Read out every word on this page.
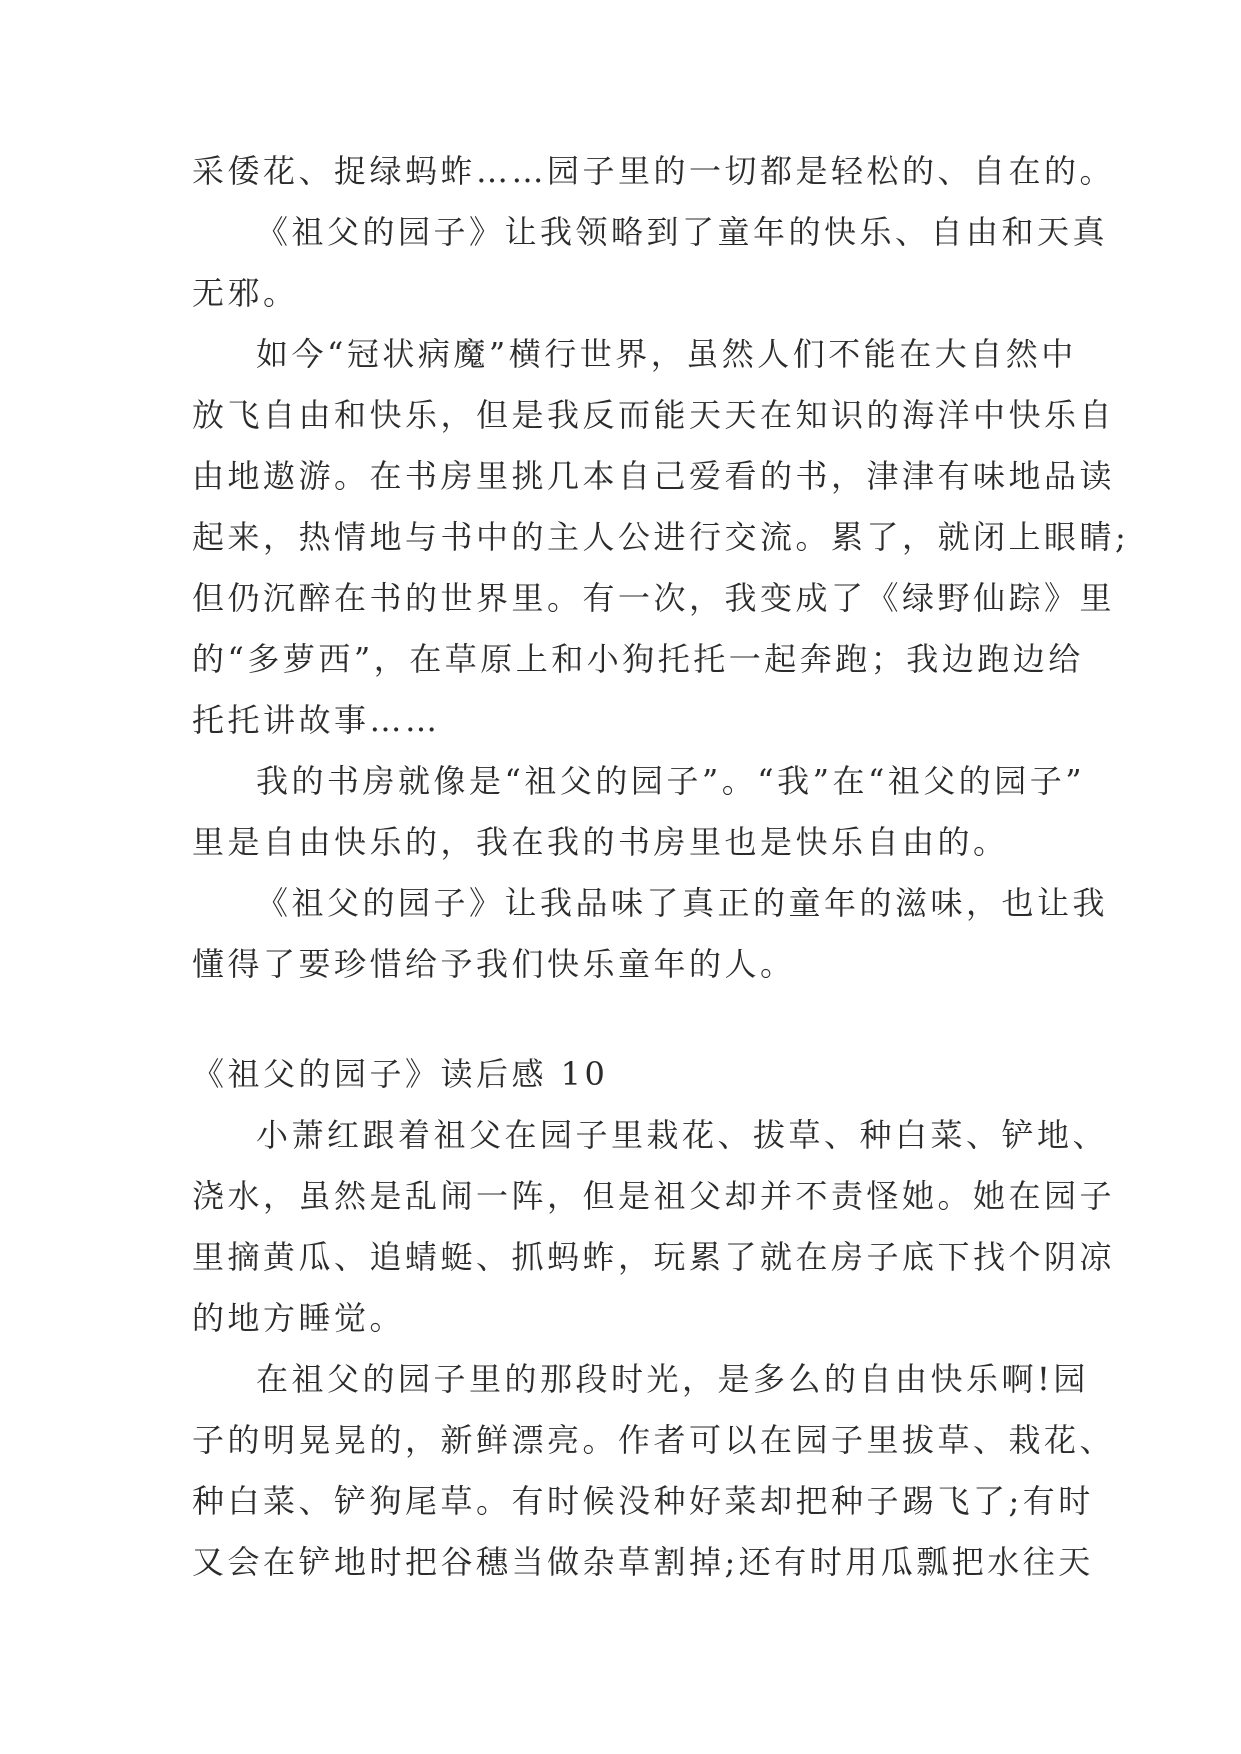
采倭花、捉绿蚂蚱……园子里的一切都是轻松的、自在的。
《祖父的园子》让我领略到了童年的快乐、自由和天真
无邪。
如今“冠状病魔”横行世界，虽然人们不能在大自然中
放飞自由和快乐，但是我反而能天天在知识的海洋中快乐自
由地遨游。在书房里挑几本自己爱看的书，津津有味地品读
起来，热情地与书中的主人公进行交流。累了，就闭上眼睛;
但仍沉醉在书的世界里。有一次，我变成了《绿野仙踪》里
的“多萝西”，在草原上和小狗托托一起奔跑；我边跑边给
托托讲故事……
我的书房就像是“祖父的园子”。“我”在“祖父的园子”
里是自由快乐的，我在我的书房里也是快乐自由的。
《祖父的园子》让我品味了真正的童年的滋味，也让我
懂得了要珍惜给予我们快乐童年的人。
《祖父的园子》读后感 10
小萧红跟着祖父在园子里栽花、拔草、种白菜、铲地、
浇水，虽然是乱闹一阵，但是祖父却并不责怪她。她在园子
里摘黄瓜、追蜻蜓、抓蚂蚱，玩累了就在房子底下找个阴凉
的地方睡觉。
在祖父的园子里的那段时光，是多么的自由快乐啊!园
子的明晃晃的，新鲜漂亮。作者可以在园子里拔草、栽花、
种白菜、铲狗尾草。有时候没种好菜却把种子踢飞了;有时
又会在铲地时把谷穗当做杂草割掉;还有时用瓜瓢把水往天
